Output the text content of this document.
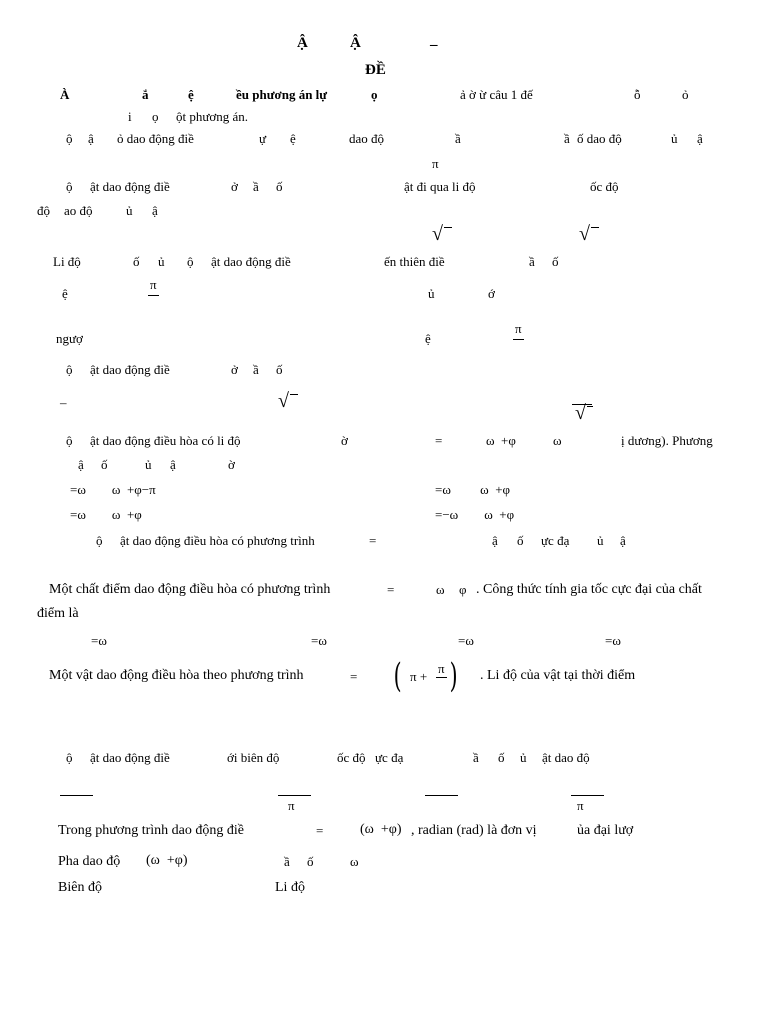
Ậ	Ậ	–
ĐỀ
À	ắ	ệ	ều phương án lự	ọ	ả ờ ừ câu 1 đế	ỗ	ỏ
i ọ ột phương án.
ộ ậ ỏ dao động điề	ự ệ	dao độ	ầ	ầ ố dao độ	ủ ậ
π
ộ ật dao động điề	ở ầ ố	ật đi qua li độ	ốc độ
độ ao độ	ủ ậ
√	√
Li độ	ố ủ ộ ật dao động điề	ến thiên điề	ầ ố
ệ
π
ủ	ớ
ngượ	ệ
π
ộ ật dao động điề	ở ầ ố
–	√
√
ộ ật dao động điều hòa có li độ	ờ	=	ω  +φ	ω	ị dương). Phương
ậ ố	ủ ậ	ờ
=ω        ω  +φ−π	=ω         ω  +φ
=ω        ω  +φ	=−ω        ω  +φ
ộ ật dao động điều hòa có phương trình	=	ậ ố ực đạ ủ ậ
Một chất điểm dao động điều hòa có phương trình	=	ω φ . Công thức tính gia tốc cực đại của chất
điểm là
=ω	=ω	=ω	=ω
Một vật dao động điều hòa theo phương trình	= ( π +
π ) . Li độ của vật tại thời điểm
ộ ật dao động điề	ới biên độ	ốc độ ực đạ	ầ ố ủ ật dao độ
π	π
Trong phương trình dao động điề	=	(ω  +φ) , radian (rad) là đơn vị	ủa đại lượ
Pha dao độ (ω  +φ)	ầ ố	ω
Biên độ	Li độ
